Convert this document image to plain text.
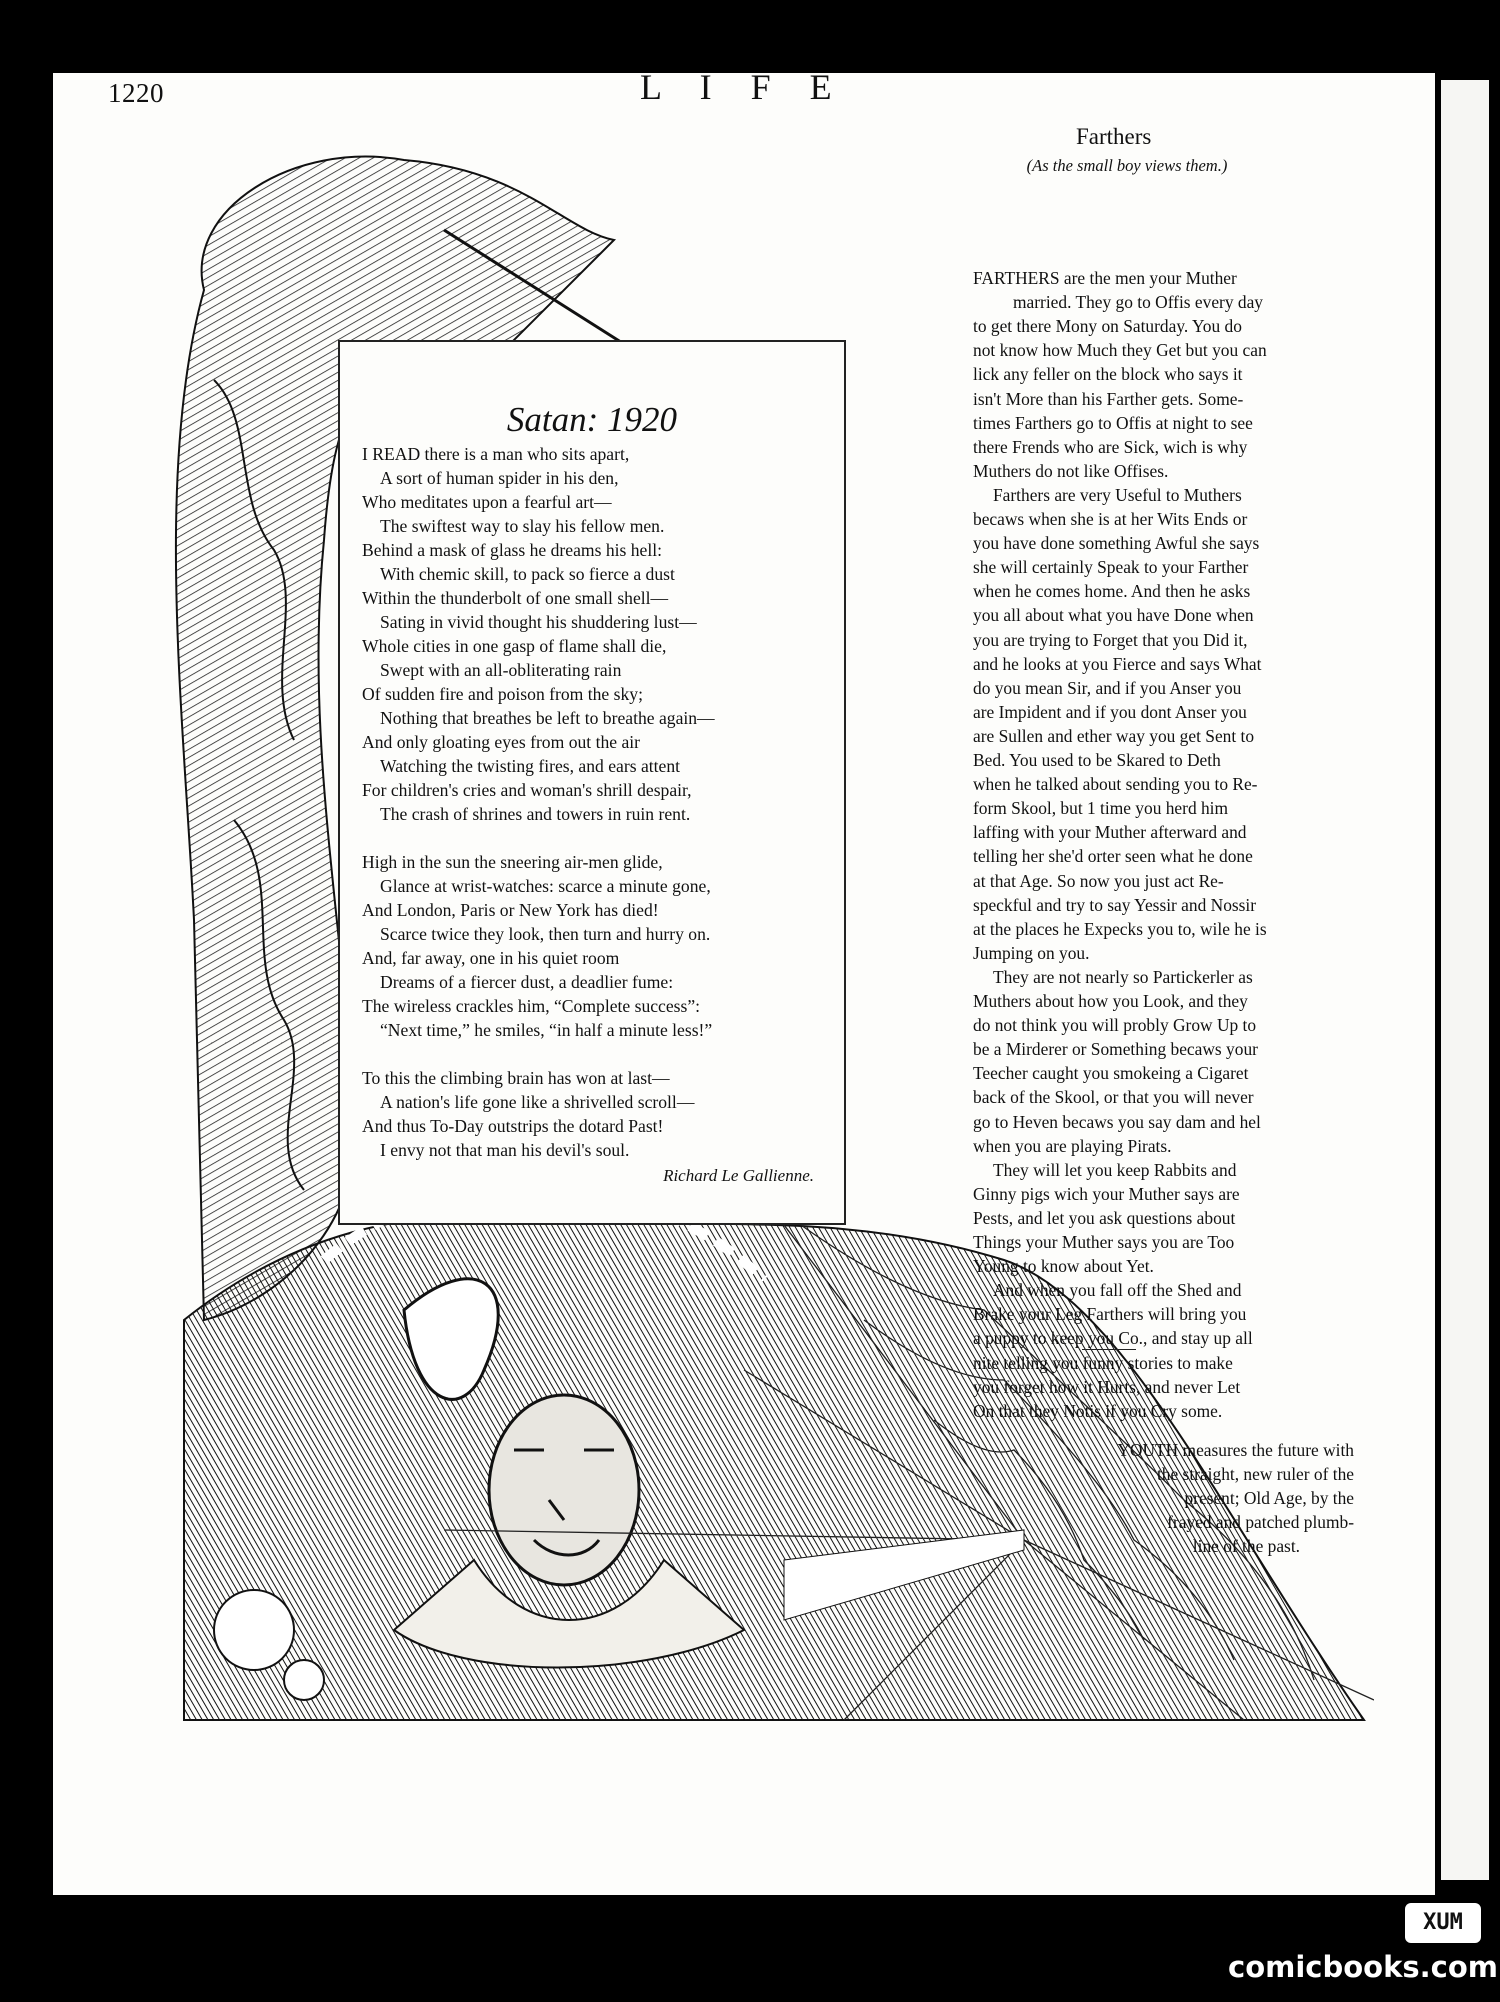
1220	L I F E
Satan: 1920
I READ there is a man who sits apart,
A sort of human spider in his den,
Who meditates upon a fearful art—
The swiftest way to slay his fellow men.
Behind a mask of glass he dreams his hell:
With chemic skill, to pack so fierce a dust
Within the thunderbolt of one small shell—
Sating in vivid thought his shuddering lust—
Whole cities in one gasp of flame shall die,
Swept with an all-obliterating rain
Of sudden fire and poison from the sky;
Nothing that breathes be left to breathe again—
And only gloating eyes from out the air
Watching the twisting fires, and ears attent
For children's cries and woman's shrill despair,
The crash of shrines and towers in ruin rent.
High in the sun the sneering air-men glide,
Glance at wrist-watches: scarce a minute gone,
And London, Paris or New York has died!
Scarce twice they look, then turn and hurry on.
And, far away, one in his quiet room
Dreams of a fiercer dust, a deadlier fume:
The wireless crackles him, “Complete success”:
“Next time,” he smiles, “in half a minute less!”
To this the climbing brain has won at last—
A nation's life gone like a shrivelled scroll—
And thus To-Day outstrips the dotard Past!
I envy not that man his devil's soul.
Richard Le Gallienne.
Farthers
(As the small boy views them.)
FARTHERS are the men your Muther
married. They go to Offis every day
to get there Mony on Saturday. You do
not know how Much they Get but you can
lick any feller on the block who says it
isn't More than his Farther gets. Some-
times Farthers go to Offis at night to see
there Frends who are Sick, wich is why
Muthers do not like Offises.
Farthers are very Useful to Muthers
becaws when she is at her Wits Ends or
you have done something Awful she says
she will certainly Speak to your Farther
when he comes home. And then he asks
you all about what you have Done when
you are trying to Forget that you Did it,
and he looks at you Fierce and says What
do you mean Sir, and if you Anser you
are Impident and if you dont Anser you
are Sullen and ether way you get Sent to
Bed. You used to be Skared to Deth
when he talked about sending you to Re-
form Skool, but 1 time you herd him
laffing with your Muther afterward and
telling her she'd orter seen what he done
at that Age. So now you just act Re-
speckful and try to say Yessir and Nossir
at the places he Expecks you to, wile he is
Jumping on you.
They are not nearly so Partickerler as
Muthers about how you Look, and they
do not think you will probly Grow Up to
be a Mirderer or Something becaws your
Teecher caught you smokeing a Cigaret
back of the Skool, or that you will never
go to Heven becaws you say dam and hel
when you are playing Pirats.
They will let you keep Rabbits and
Ginny pigs wich your Muther says are
Pests, and let you ask questions about
Things your Muther says you are Too
Young to know about Yet.
And when you fall off the Shed and
Brake your Leg Farthers will bring you
a puppy to keep you Co., and stay up all
nite telling you funny stories to make
you forget how it Hurts, and never Let
On that they Notis if you Cry some.
YOUTH measures the future with
the straight, new ruler of the
present; Old Age, by the
frayed and patched plumb-
line of the past.
XUM
comicbooks.com
